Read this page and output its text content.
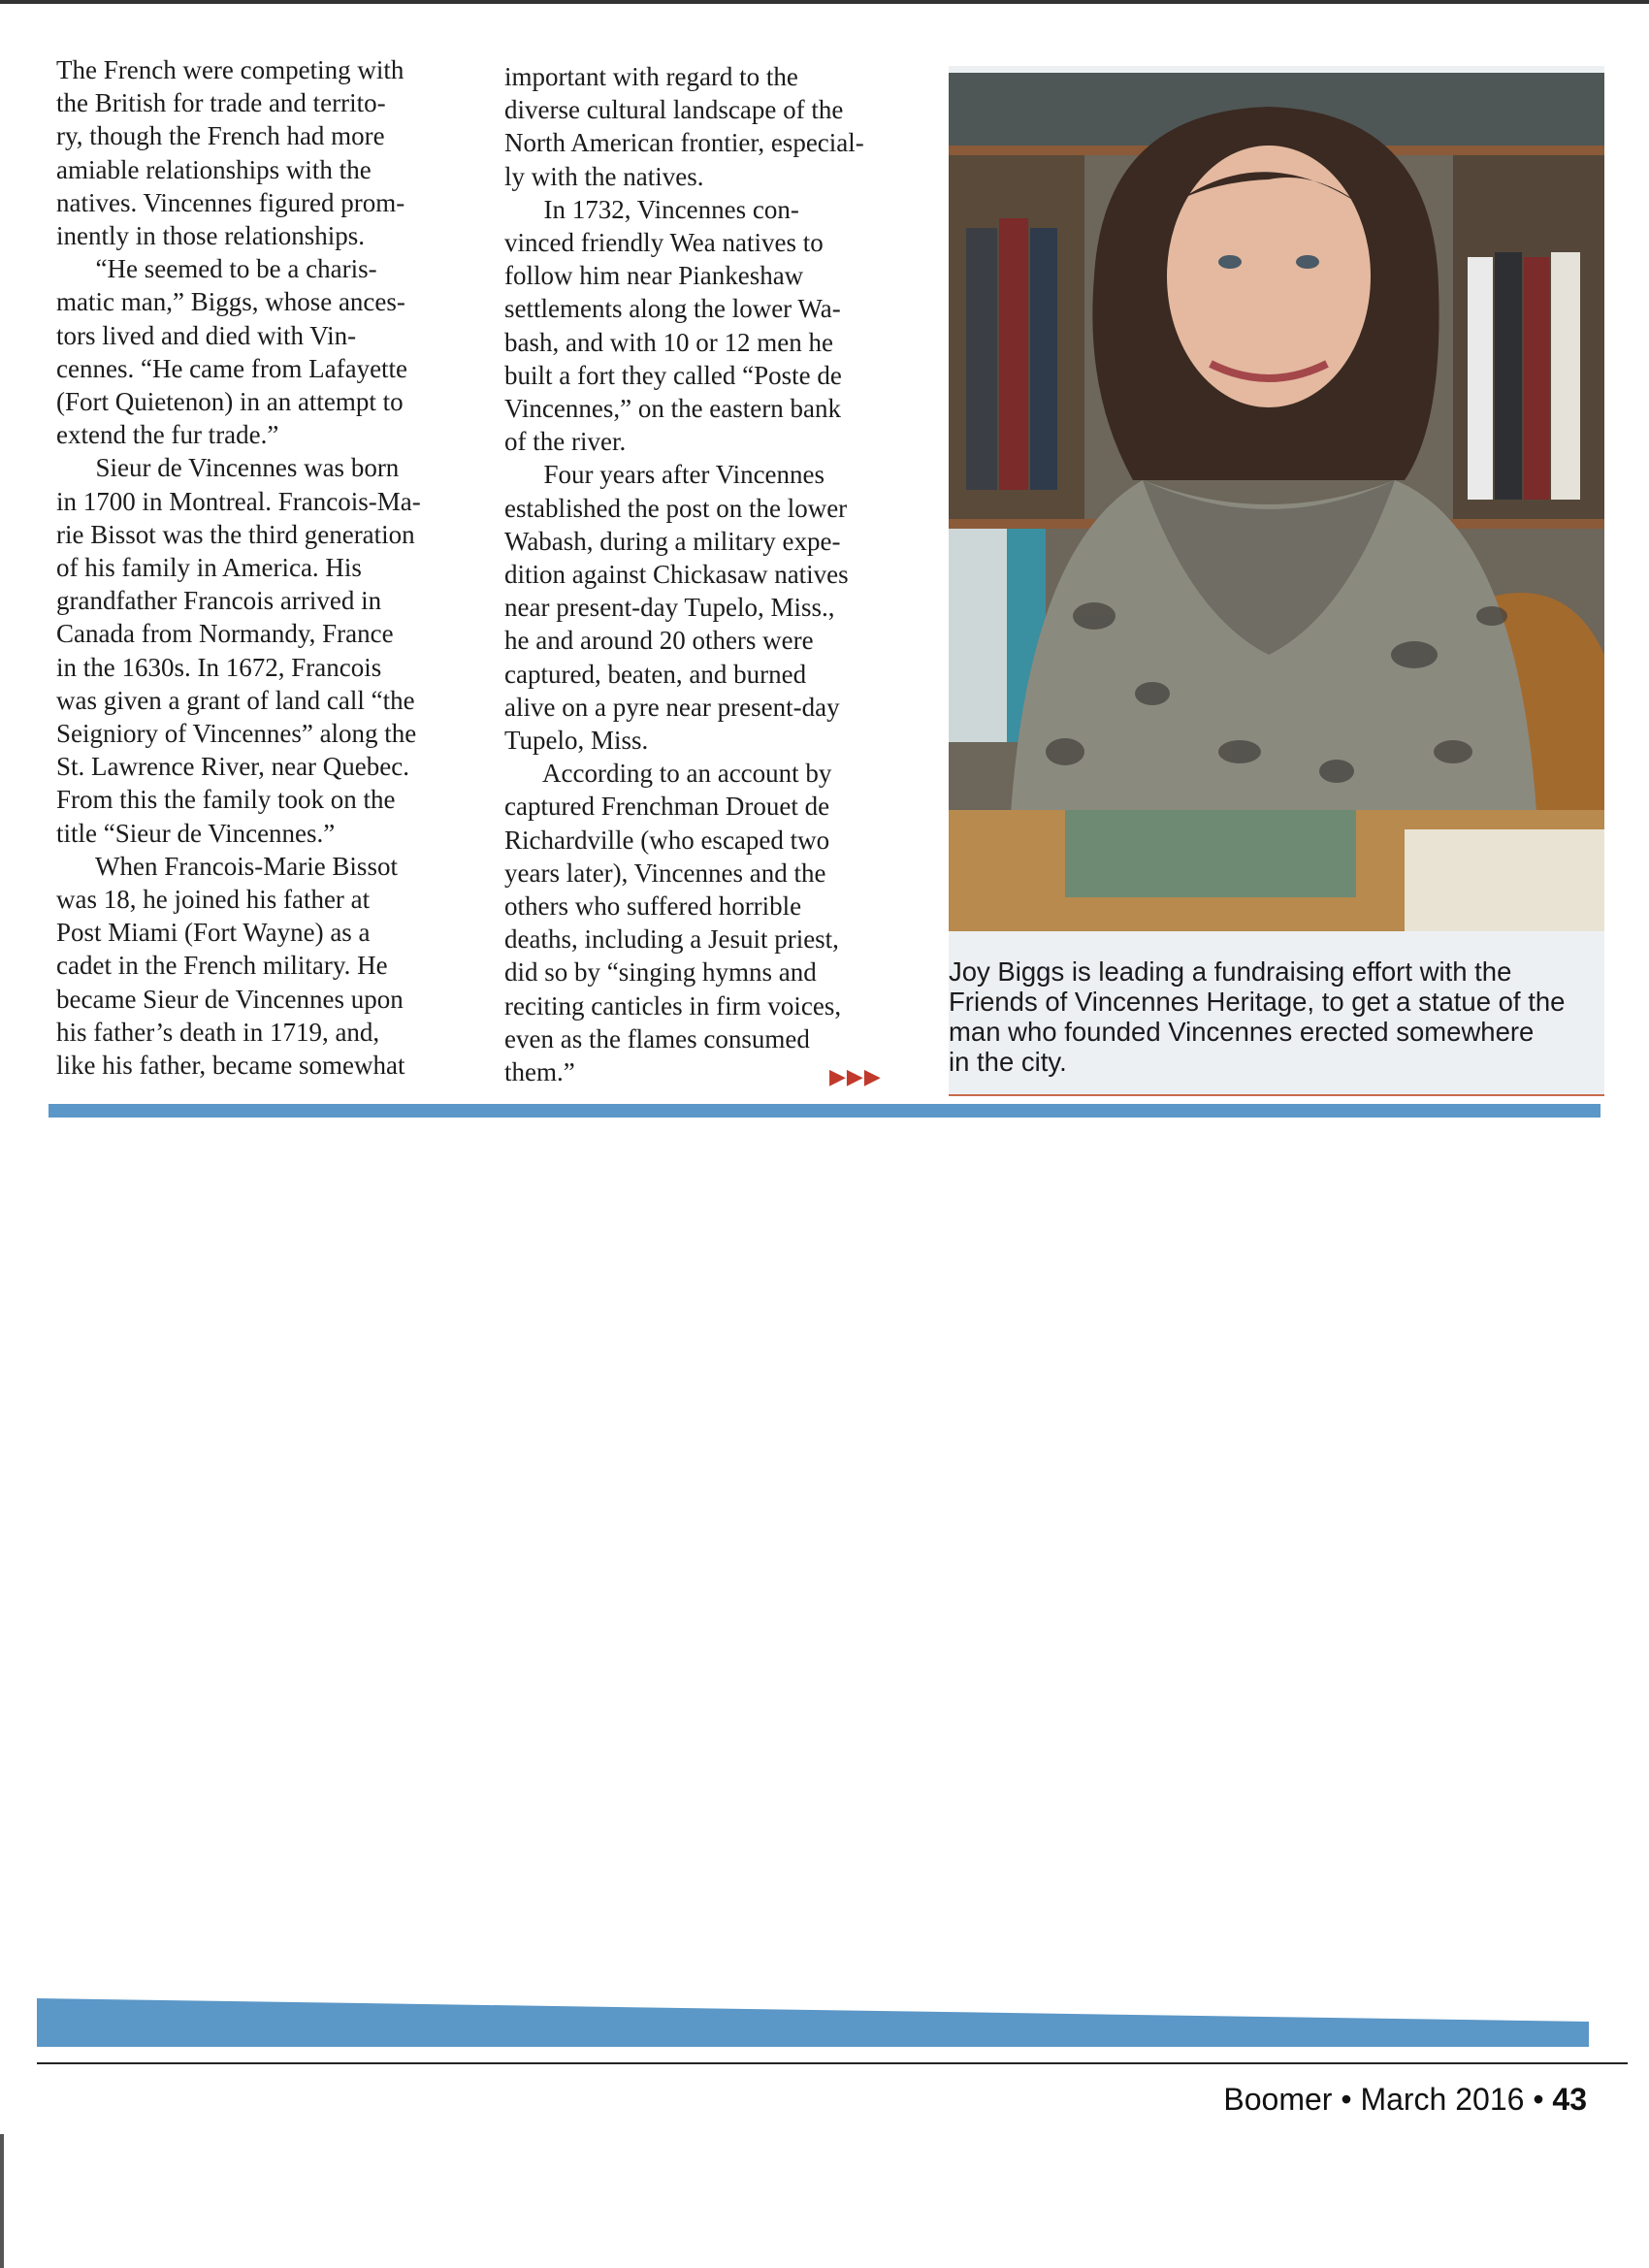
The French were competing with
the British for trade and territo-
ry, though the French had more
amiable relationships with the
natives. Vincennes figured prom-
inently in those relationships.
“He seemed to be a charis-
matic man,” Biggs, whose ances-
tors lived and died with Vin-
cennes. “He came from Lafayette
(Fort Quietenon) in an attempt to
extend the fur trade.”
Sieur de Vincennes was born
in 1700 in Montreal. Francois-Ma-
rie Bissot was the third generation
of his family in America. His
grandfather Francois arrived in
Canada from Normandy, France
in the 1630s. In 1672, Francois
was given a grant of land call “the
Seigniory of Vincennes” along the
St. Lawrence River, near Quebec.
From this the family took on the
title “Sieur de Vincennes.”
When Francois-Marie Bissot
was 18, he joined his father at
Post Miami (Fort Wayne) as a
cadet in the French military. He
became Sieur de Vincennes upon
his father’s death in 1719, and,
like his father, became somewhat
important with regard to the
diverse cultural landscape of the
North American frontier, especial-
ly with the natives.
In 1732, Vincennes con-
vinced friendly Wea natives to
follow him near Piankeshaw
settlements along the lower Wa-
bash, and with 10 or 12 men he
built a fort they called “Poste de
Vincennes,” on the eastern bank
of the river.
Four years after Vincennes
established the post on the lower
Wabash, during a military expe-
dition against Chickasaw natives
near present-day Tupelo, Miss.,
he and around 20 others were
captured, beaten, and burned
alive on a pyre near present-day
Tupelo, Miss.
According to an account by
captured Frenchman Drouet de
Richardville (who escaped two
years later), Vincennes and the
others who suffered horrible
deaths, including a Jesuit priest,
did so by “singing hymns and
reciting canticles in firm voices,
even as the flames consumed
them.”	▶▶▶
Joy Biggs is leading a fundraising effort with the
Friends of Vincennes Heritage, to get a statue of the
man who founded Vincennes erected somewhere
in the city.
Boomer • March 2016 • 43
